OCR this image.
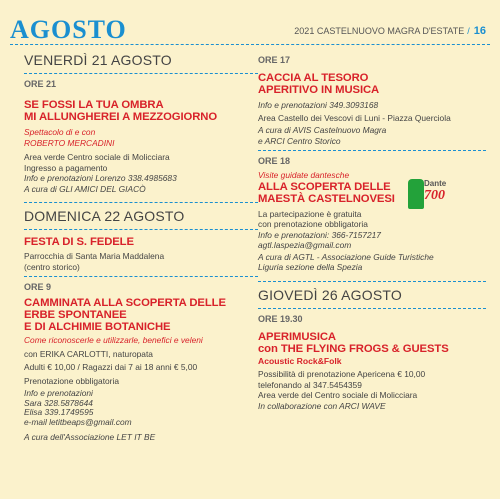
AGOSTO	2021 CASTELNUOVO MAGRA D'ESTATE / 16
VENERDÌ 21 AGOSTO
ORE 21
SE FOSSI LA TUA OMBRA
MI ALLUNGHEREI A MEZZOGIORNO
Spettacolo di e con
ROBERTO MERCADINI
Area verde Centro sociale di Molicciara
Ingresso a pagamento
Info e prenotazioni Lorenzo 338.4985683
A cura di GLI AMICI DEL GIACÒ
DOMENICA 22 AGOSTO
FESTA DI S. FEDELE
Parrocchia di Santa Maria Maddalena
(centro storico)
ORE 9
CAMMINATA ALLA SCOPERTA DELLE
ERBE SPONTANEE
E DI ALCHIMIE BOTANICHE
Come riconoscerle e utilizzarle, benefici e veleni
con ERIKA CARLOTTI, naturopata
Adulti € 10,00 / Ragazzi dai 7 ai 18 anni € 5,00
Prenotazione obbligatoria
Info e prenotazioni
Sara 328.5878644
Elisa 339.1749595
e-mail letitbeaps@gmail.com
A cura dell'Associazione LET IT BE
ORE 17
CACCIA AL TESORO
APERITIVO IN MUSICA
Info e prenotazioni 349.3093168
Area Castello dei Vescovi di Luni - Piazza Querciola
A cura di AVIS Castelnuovo Magra
e ARCI Centro Storico
ORE 18
Visite guidate dantesche
ALLA SCOPERTA DELLE
MAESTÀ CASTELNOVESI
La partecipazione è gratuita
con prenotazione obbligatoria
Info e prenotazioni: 366-7157217
agtl.laspezia@gmail.com
A cura di AGTL - Associazione Guide Turistiche
Liguria sezione della Spezia
GIOVEDÌ 26 AGOSTO
ORE 19.30
APERIMUSICA
con THE FLYING FROGS & GUESTS
Acoustic Rock&Folk
Possibilità di prenotazione Apericena € 10,00
telefonando al 347.5454359
Area verde del Centro sociale di Molicciara
In collaborazione con ARCI WAVE
Dante
700
